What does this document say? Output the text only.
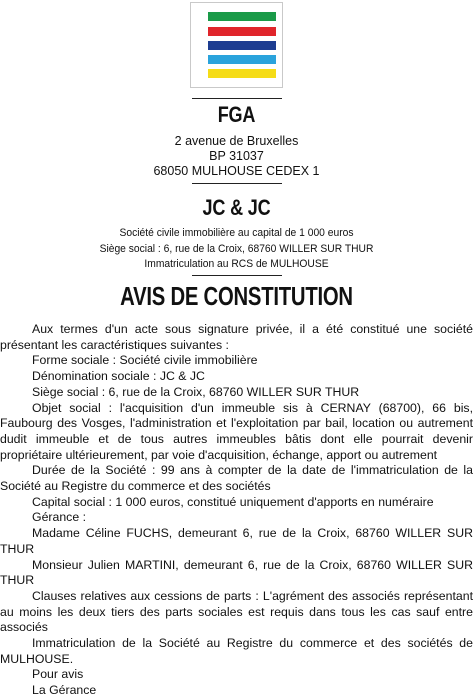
FGA
2 avenue de Bruxelles
BP 31037
68050 MULHOUSE CEDEX 1
JC & JC
Société civile immobilière au capital de 1 000 euros
Siège social : 6, rue de la Croix, 68760 WILLER SUR THUR
Immatriculation au RCS de MULHOUSE
AVIS DE CONSTITUTION

Aux termes d'un acte sous signature privée, il a été constitué une société présentant les caractéristiques suivantes :

Forme sociale : Société civile immobilière

Dénomination sociale : JC & JC

Siège social : 6, rue de la Croix, 68760 WILLER SUR THUR

Objet social : l'acquisition d'un immeuble sis à CERNAY (68700), 66 bis, Faubourg des Vosges, l'administration et l'exploitation par bail, location ou autrement dudit immeuble et de tous autres immeubles bâtis dont elle pourrait devenir propriétaire ultérieurement, par voie d'acquisition, échange, apport ou autrement

Durée de la Société : 99 ans à compter de la date de l'immatriculation de la Société au Registre du commerce et des sociétés

Capital social : 1 000 euros, constitué uniquement d'apports en numéraire

Gérance :

Madame Céline FUCHS, demeurant 6, rue de la Croix, 68760 WILLER SUR THUR

Monsieur Julien MARTINI, demeurant 6, rue de la Croix, 68760 WILLER SUR THUR

Clauses relatives aux cessions de parts : L'agrément des associés représentant au moins les deux tiers des parts sociales est requis dans tous les cas sauf entre associés

Immatriculation de la Société au Registre du commerce et des sociétés de MULHOUSE.

Pour avis

La Gérance
